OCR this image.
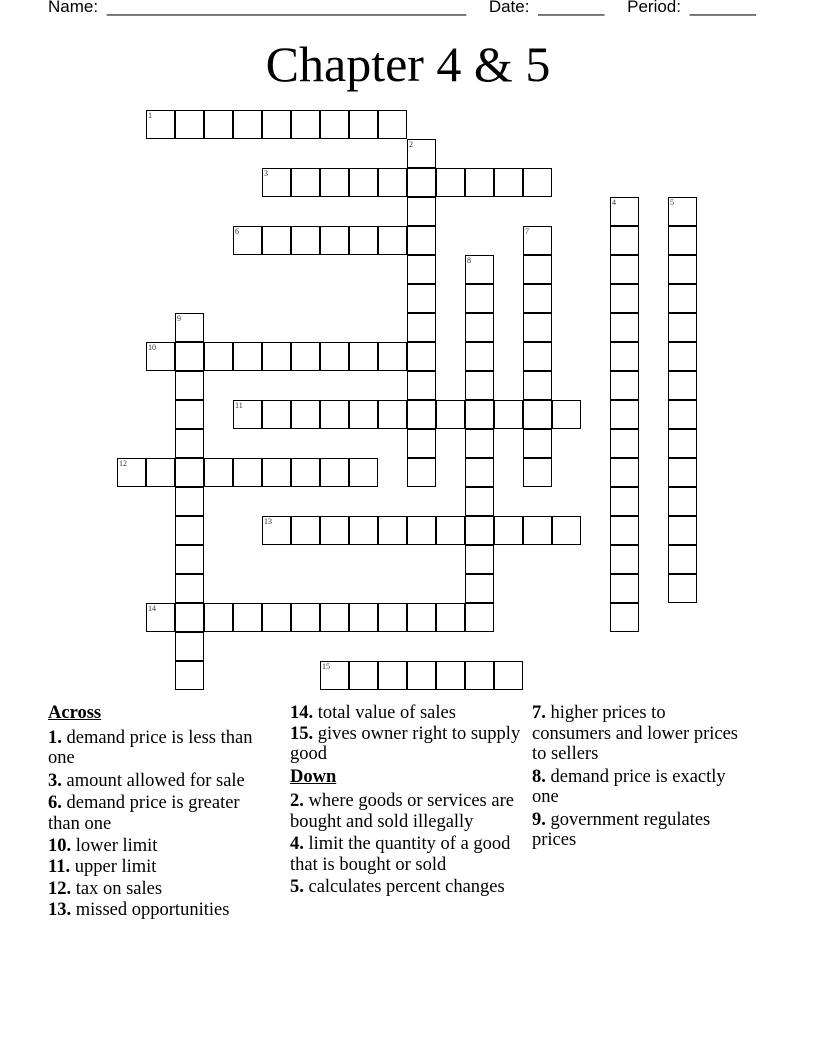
Name: ______________________________________ Date: _______ Period: _______
Chapter 4 & 5
1
2
3
4	5
6	7
8
9
10
11
12
13
14
15
Across
1. demand price is less than one
3. amount allowed for sale
6. demand price is greater than one
10. lower limit
11. upper limit
12. tax on sales
13. missed opportunities
14. total value of sales
15. gives owner right to supply good
Down
2. where goods or services are bought and sold illegally
4. limit the quantity of a good that is bought or sold
5. calculates percent changes
7. higher prices to consumers and lower prices to sellers
8. demand price is exactly one
9. government regulates prices
